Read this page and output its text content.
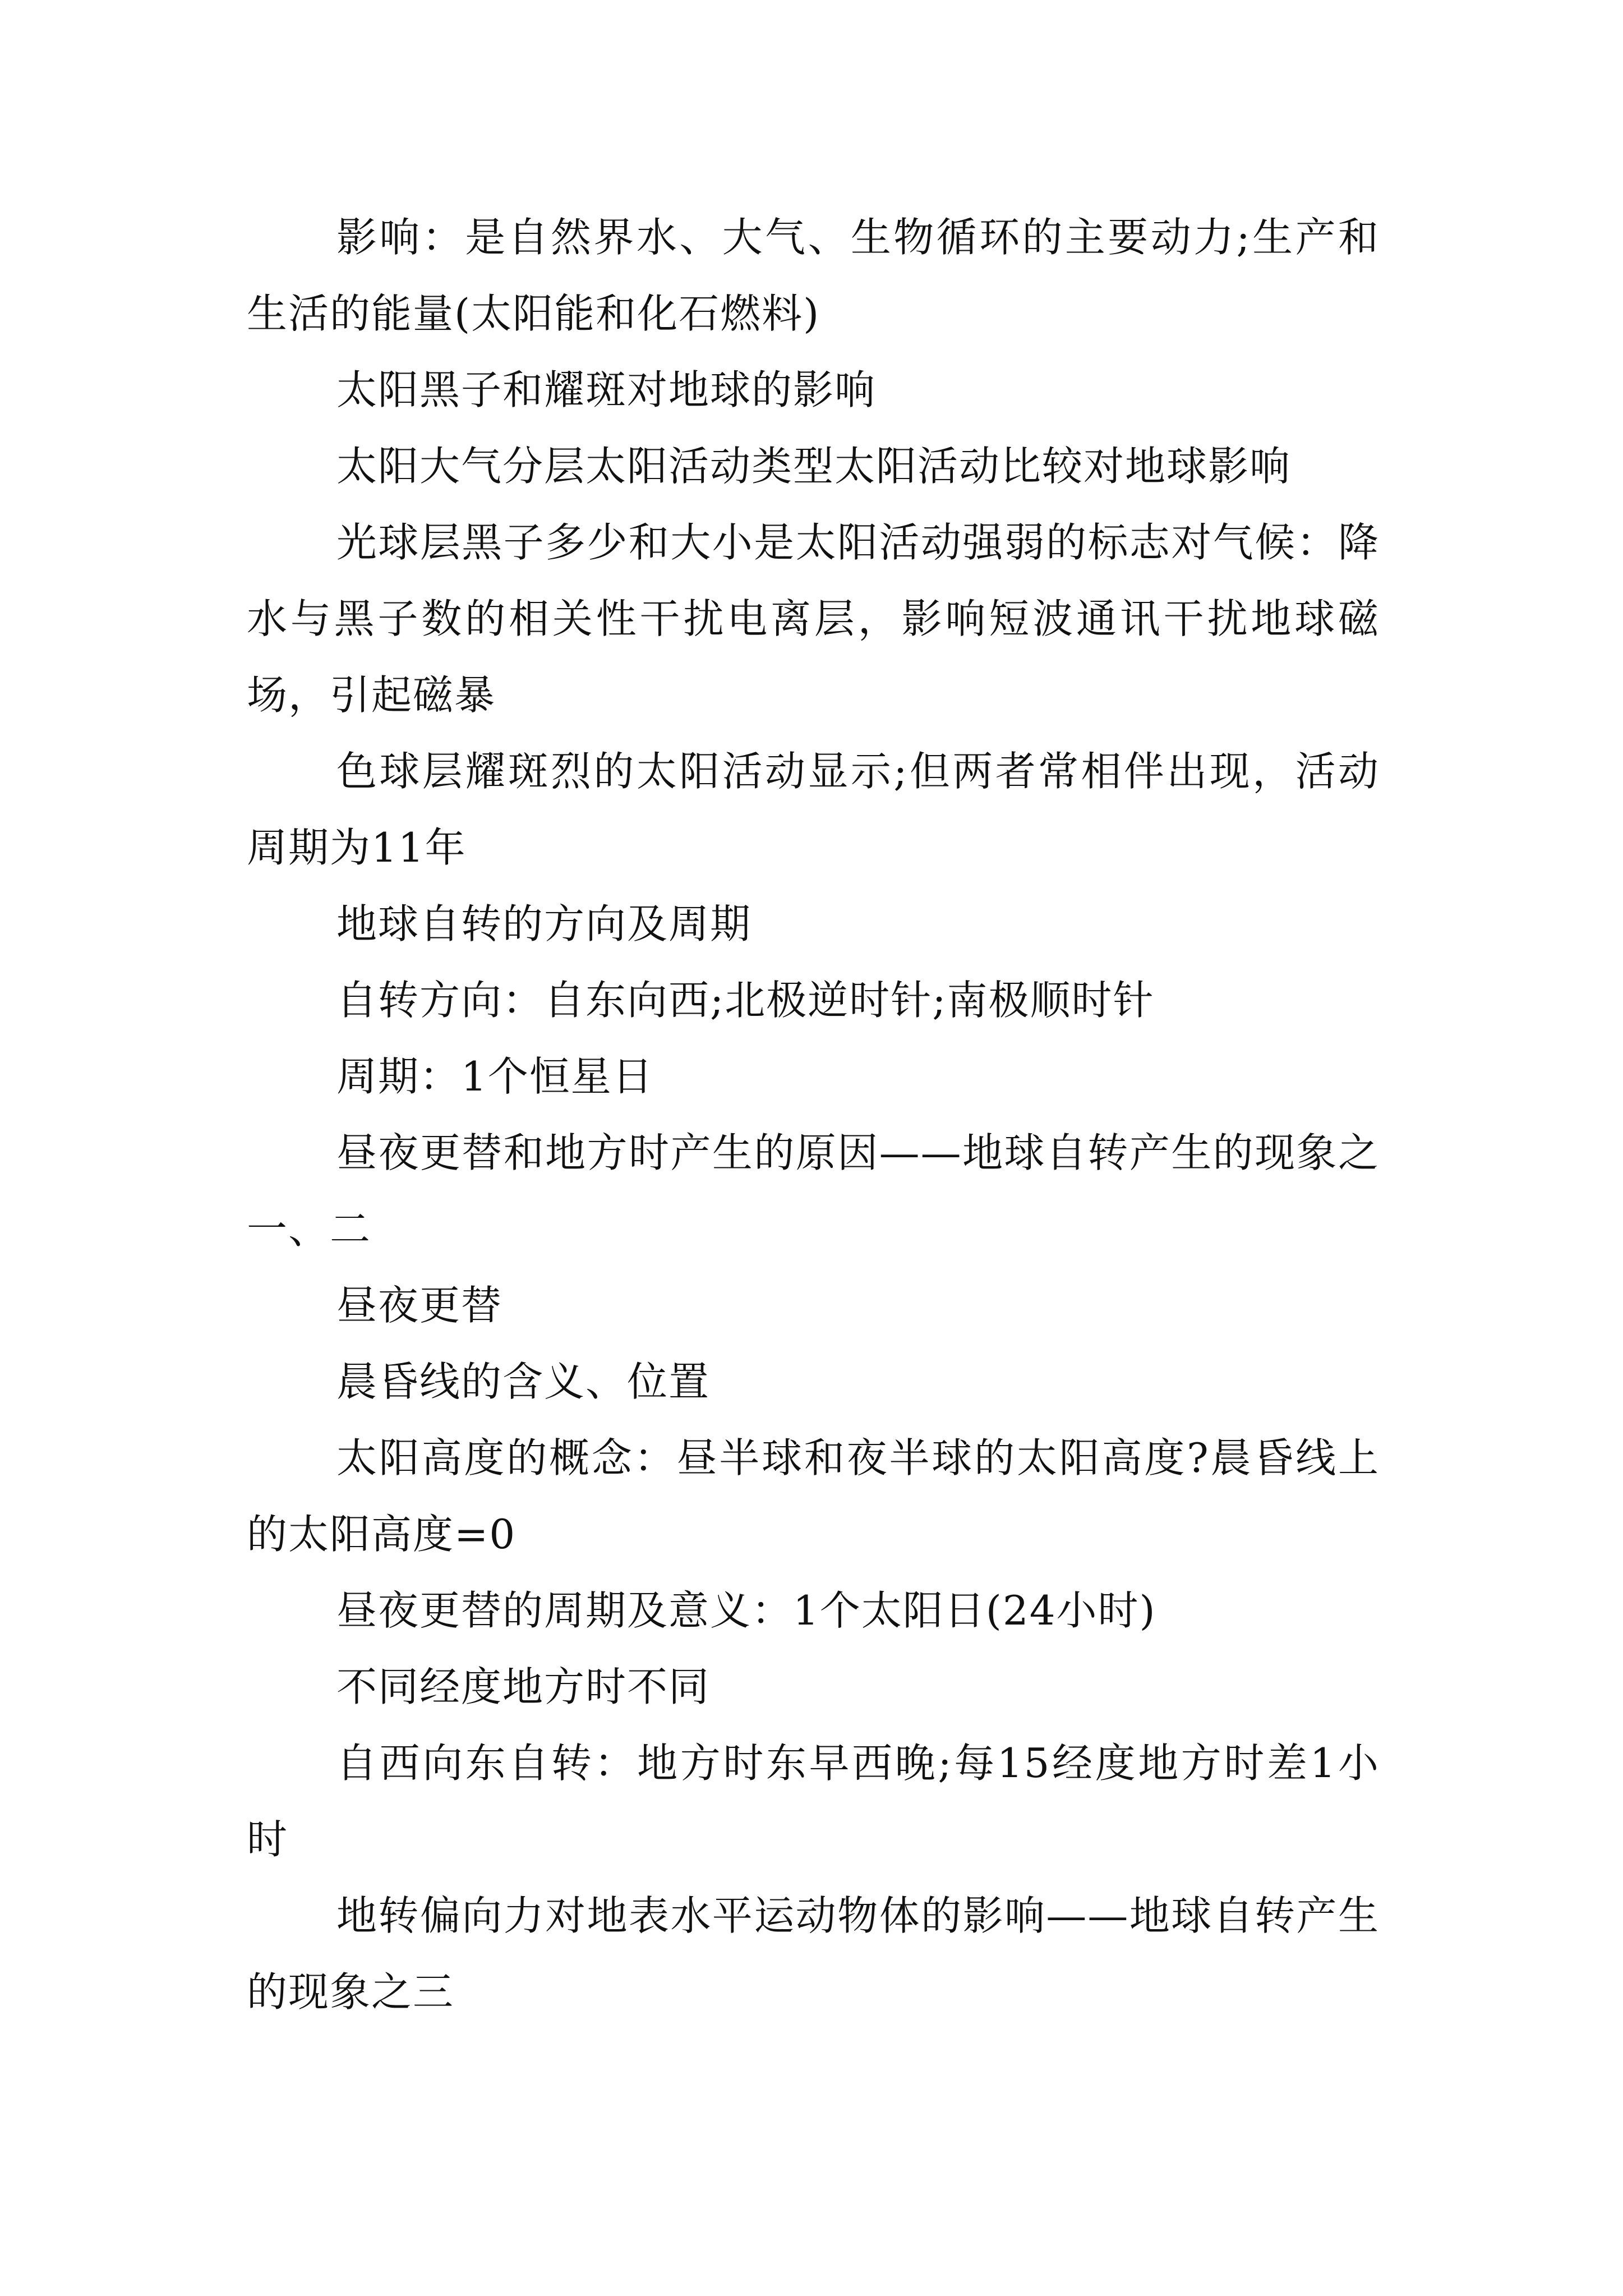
影响：是自然界水、大气、生物循环的主要动力;生产和生活的能量(太阳能和化石燃料)

太阳黑子和耀斑对地球的影响

太阳大气分层太阳活动类型太阳活动比较对地球影响

光球层黑子多少和大小是太阳活动强弱的标志对气候：降水与黑子数的相关性干扰电离层，影响短波通讯干扰地球磁场，引起磁暴

色球层耀斑烈的太阳活动显示;但两者常相伴出现，活动周期为11年

地球自转的方向及周期

自转方向：自东向西;北极逆时针;南极顺时针

周期：1个恒星日

昼夜更替和地方时产生的原因——地球自转产生的现象之一、二

昼夜更替

晨昏线的含义、位置

太阳高度的概念：昼半球和夜半球的太阳高度?晨昏线上的太阳高度=0

昼夜更替的周期及意义：1个太阳日(24小时)

不同经度地方时不同

自西向东自转：地方时东早西晚;每15经度地方时差1小时

地转偏向力对地表水平运动物体的影响——地球自转产生的现象之三
